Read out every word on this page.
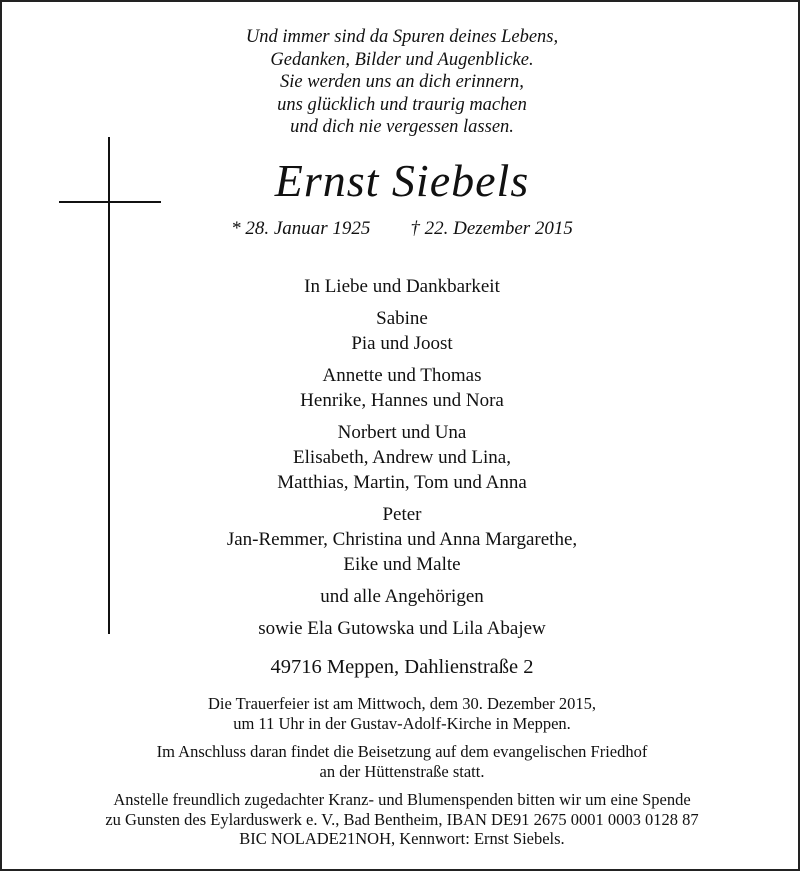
Und immer sind da Spuren deines Lebens,
Gedanken, Bilder und Augenblicke.
Sie werden uns an dich erinnern,
uns glücklich und traurig machen
und dich nie vergessen lassen.
Ernst Siebels
* 28. Januar 1925 † 22. Dezember 2015
In Liebe und Dankbarkeit
Sabine
Pia und Joost
Annette und Thomas
Henrike, Hannes und Nora
Norbert und Una
Elisabeth, Andrew und Lina,
Matthias, Martin, Tom und Anna
Peter
Jan-Remmer, Christina und Anna Margarethe,
Eike und Malte
und alle Angehörigen
sowie Ela Gutowska und Lila Abajew
49716 Meppen, Dahlienstraße 2
Die Trauerfeier ist am Mittwoch, dem 30. Dezember 2015,
um 11 Uhr in der Gustav-Adolf-Kirche in Meppen.
Im Anschluss daran findet die Beisetzung auf dem evangelischen Friedhof
an der Hüttenstraße statt.
Anstelle freundlich zugedachter Kranz- und Blumenspenden bitten wir um eine Spende
zu Gunsten des Eylarduswerk e. V., Bad Bentheim, IBAN DE91 2675 0001 0003 0128 87
BIC NOLADE21NOH, Kennwort: Ernst Siebels.
